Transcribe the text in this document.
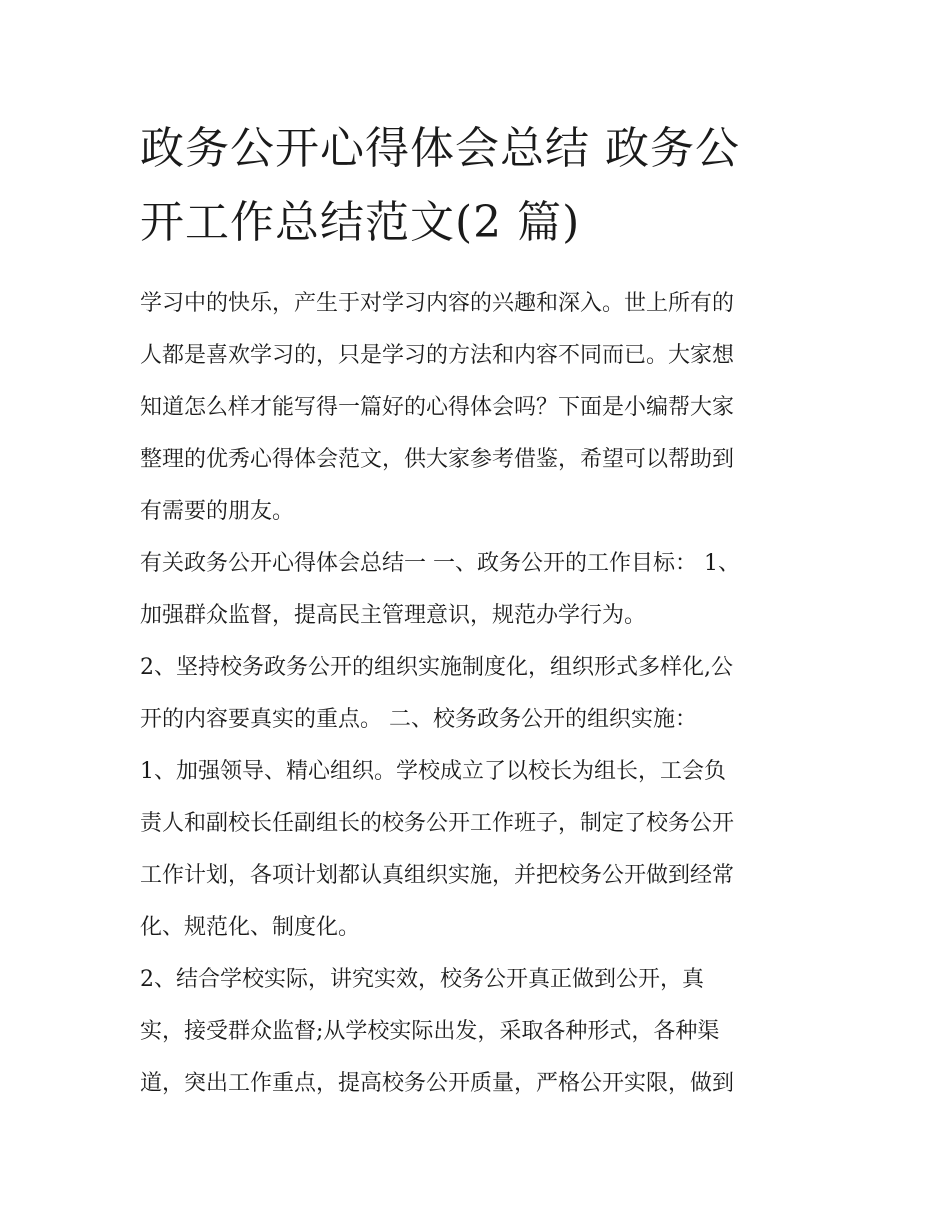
政务公开心得体会总结 政务公
开工作总结范文(2 篇)

学习中的快乐，产生于对学习内容的兴趣和深入。世上所有的
人都是喜欢学习的，只是学习的方法和内容不同而已。大家想
知道怎么样才能写得一篇好的心得体会吗？下面是小编帮大家
整理的优秀心得体会范文，供大家参考借鉴，希望可以帮助到
有需要的朋友。

有关政务公开心得体会总结一 一、政务公开的工作目标： 1、
加强群众监督，提高民主管理意识，规范办学行为。

2、坚持校务政务公开的组织实施制度化，组织形式多样化,公
开的内容要真实的重点。 二、校务政务公开的组织实施：

1、加强领导、精心组织。学校成立了以校长为组长，工会负
责人和副校长任副组长的校务公开工作班子，制定了校务公开
工作计划，各项计划都认真组织实施，并把校务公开做到经常
化、规范化、制度化。

2、结合学校实际，讲究实效，校务公开真正做到公开，真
实，接受群众监督;从学校实际出发，采取各种形式，各种渠
道，突出工作重点，提高校务公开质量，严格公开实限，做到
